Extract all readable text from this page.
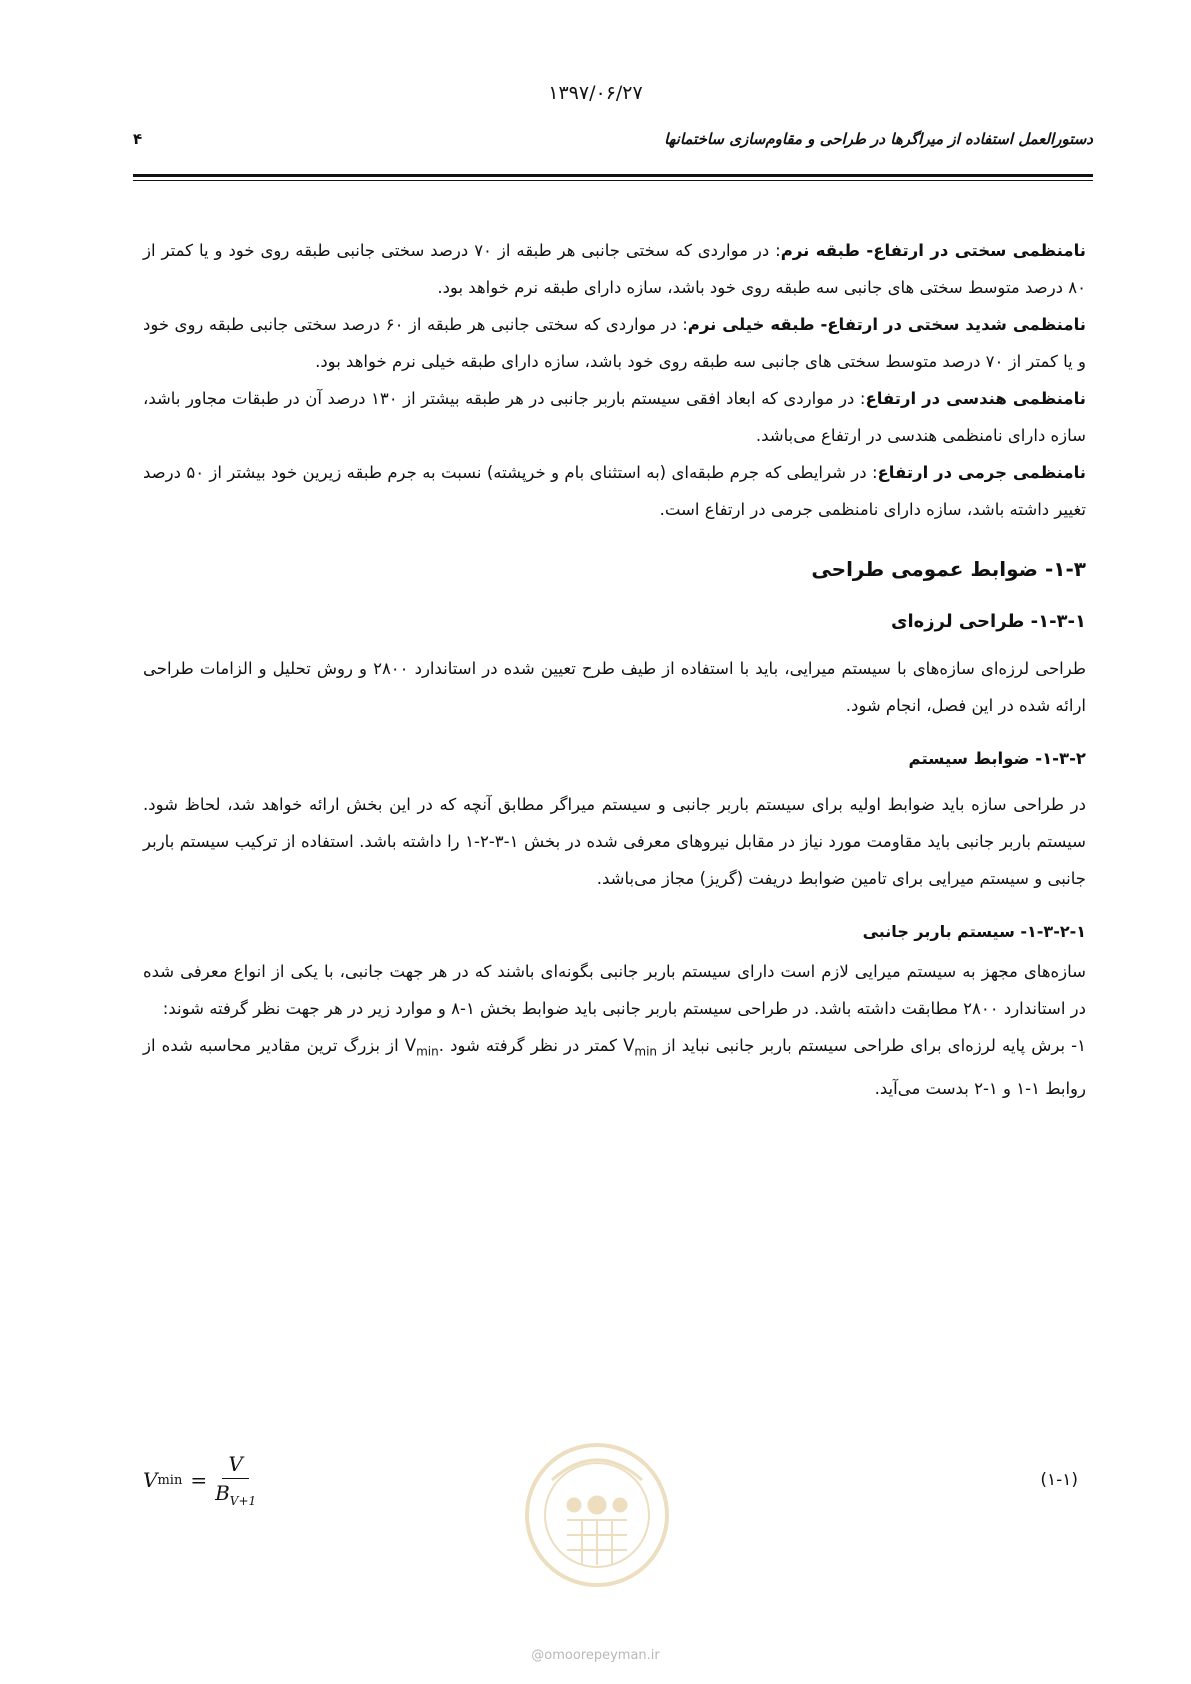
۱۳۹۷/۰۶/۲۷
دستورالعمل استفاده از میراگرها در طراحی و مقاوم‌سازی ساختمانها
۴

نامنظمی سختی در ارتفاع- طبقه نرم: در مواردی که سختی جانبی هر طبقه از ۷۰ درصد سختی جانبی طبقه روی خود و یا کمتر از ۸۰ درصد متوسط سختی های جانبی سه طبقه روی خود باشد، سازه دارای طبقه نرم خواهد بود.

نامنظمی شدید سختی در ارتفاع- طبقه خیلی نرم: در مواردی که سختی جانبی هر طبقه از ۶۰ درصد سختی جانبی طبقه روی خود و یا کمتر از ۷۰ درصد متوسط سختی های جانبی سه طبقه روی خود باشد، سازه دارای طبقه خیلی نرم خواهد بود.

نامنظمی هندسی در ارتفاع: در مواردی که ابعاد افقی سیستم باربر جانبی در هر طبقه بیشتر از ۱۳۰ درصد آن در طبقات مجاور باشد، سازه دارای نامنظمی هندسی در ارتفاع می‌باشد.

نامنظمی جرمی در ارتفاع: در شرایطی که جرم طبقه‌ای (به استثنای بام و خرپشته) نسبت به جرم طبقه زیرین خود بیشتر از ۵۰ درصد تغییر داشته باشد، سازه دارای نامنظمی جرمی در ارتفاع است.

۱-۳- ضوابط عمومی طراحی
۱-۳-۱- طراحی لرزه‌ای

طراحی لرزه‌ای سازه‌های با سیستم میرایی، باید با استفاده از طیف طرح تعیین شده در استاندارد ۲۸۰۰ و روش تحلیل و الزامات طراحی ارائه شده در این فصل، انجام شود.

۱-۳-۲- ضوابط سیستم

در طراحی سازه باید ضوابط اولیه برای سیستم باربر جانبی و سیستم میراگر مطابق آنچه که در این بخش ارائه خواهد شد، لحاظ شود. سیستم باربر جانبی باید مقاومت مورد نیاز در مقابل نیروهای معرفی شده در بخش ۱-۳-۲-۱ را داشته باشد. استفاده از ترکیب سیستم باربر جانبی و سیستم میرایی برای تامین ضوابط دریفت (گریز) مجاز می‌باشد.

۱-۳-۲-۱- سیستم باربر جانبی

سازه‌های مجهز به سیستم میرایی لازم است دارای سیستم باربر جانبی بگونه‌ای باشند که در هر جهت جانبی، با یکی از انواع معرفی شده در استاندارد ۲۸۰۰ مطابقت داشته باشد. در طراحی سیستم باربر جانبی باید ضوابط بخش ۱-۸ و موارد زیر در هر جهت نظر گرفته شوند:

۱- برش پایه لرزه‌ای برای طراحی سیستم باربر جانبی نباید از $V_{min}$ کمتر در نظر گرفته شود $V_{min}$. از بزرگ ترین مقادیر محاسبه شده از روابط ۱-۱ و ۱-۲ بدست می‌آید.

V $\min = \frac{V}{B_{V+1}}$	(۱-۱)
@omoorepeyman.ir
